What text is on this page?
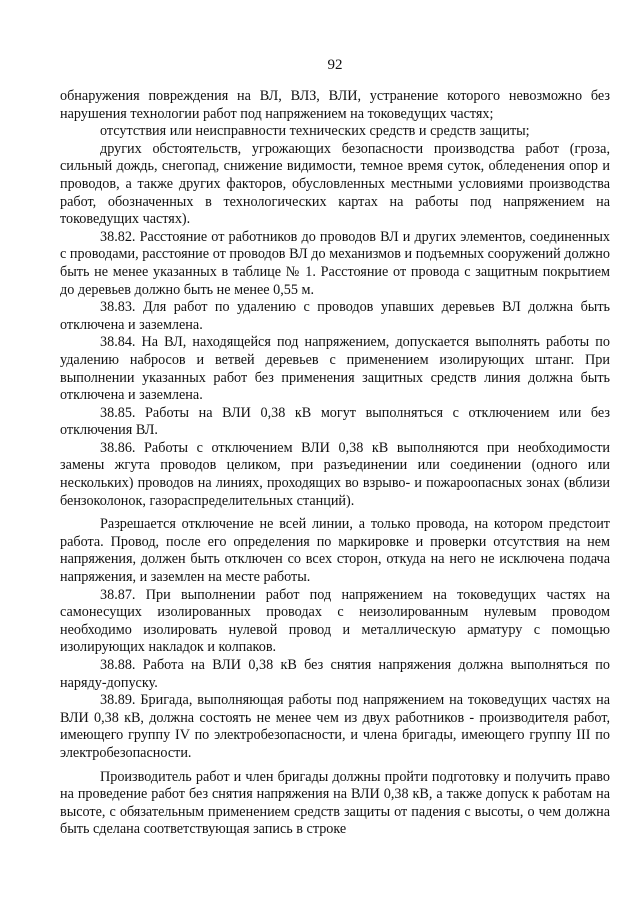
92

обнаружения повреждения на ВЛ, ВЛЗ, ВЛИ, устранение которого невозможно без нарушения технологии работ под напряжением на токоведущих частях;

отсутствия или неисправности технических средств и средств защиты;

других обстоятельств, угрожающих безопасности производства работ (гроза, сильный дождь, снегопад, снижение видимости, темное время суток, обледенения опор и проводов, а также других факторов, обусловленных местными условиями производства работ, обозначенных в технологических картах на работы под напряжением на токоведущих частях).

38.82. Расстояние от работников до проводов ВЛ и других элементов, соединенных с проводами, расстояние от проводов ВЛ до механизмов и подъемных сооружений должно быть не менее указанных в таблице № 1. Расстояние от провода с защитным покрытием до деревьев должно быть не менее 0,55 м.

38.83. Для работ по удалению с проводов упавших деревьев ВЛ должна быть отключена и заземлена.

38.84. На ВЛ, находящейся под напряжением, допускается выполнять работы по удалению набросов и ветвей деревьев с применением изолирующих штанг. При выполнении указанных работ без применения защитных средств линия должна быть отключена и заземлена.

38.85. Работы на ВЛИ 0,38 кВ могут выполняться с отключением или без отключения ВЛ.

38.86. Работы с отключением ВЛИ 0,38 кВ выполняются при необходимости замены жгута проводов целиком, при разъединении или соединении (одного или нескольких) проводов на линиях, проходящих во взрыво- и пожароопасных зонах (вблизи бензоколонок, газораспределительных станций).

Разрешается отключение не всей линии, а только провода, на котором предстоит работа. Провод, после его определения по маркировке и проверки отсутствия на нем напряжения, должен быть отключен со всех сторон, откуда на него не исключена подача напряжения, и заземлен на месте работы.

38.87. При выполнении работ под напряжением на токоведущих частях на самонесущих изолированных проводах с неизолированным нулевым проводом необходимо изолировать нулевой провод и металлическую арматуру с помощью изолирующих накладок и колпаков.

38.88. Работа на ВЛИ 0,38 кВ без снятия напряжения должна выполняться по наряду-допуску.

38.89. Бригада, выполняющая работы под напряжением на токоведущих частях на ВЛИ 0,38 кВ, должна состоять не менее чем из двух работников - производителя работ, имеющего группу IV по электробезопасности, и члена бригады, имеющего группу III по электробезопасности.

Производитель работ и член бригады должны пройти подготовку и получить право на проведение работ без снятия напряжения на ВЛИ 0,38 кВ, а также допуск к работам на высоте, с обязательным применением средств защиты от падения с высоты, о чем должна быть сделана соответствующая запись в строке
